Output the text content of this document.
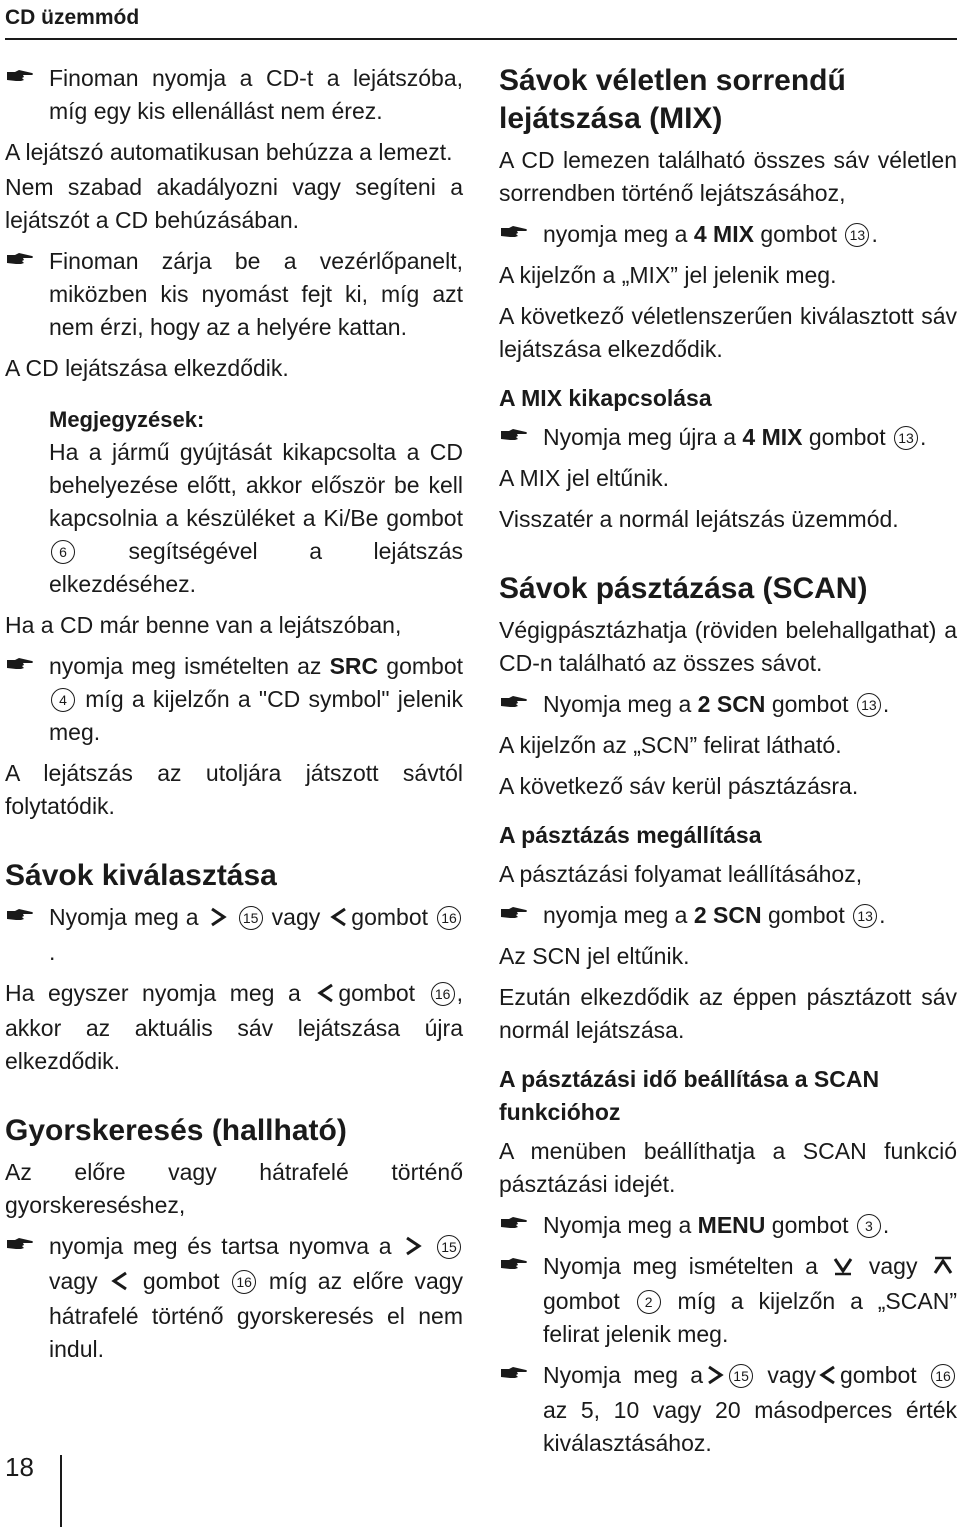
CD üzemmód
Finoman nyomja a CD-t a lejátszóba, míg egy kis ellenállást nem érez.

A lejátszó automatikusan behúzza a lemezt.

Nem szabad akadályozni vagy segíteni a lejátszót a CD behúzásában.

Finoman zárja be a vezérlőpanelt, miközben kis nyomást fejt ki, míg azt nem érzi, hogy az a helyére kattan.

A CD lejátszása elkezdődik.

Megjegyzések:
Ha a jármű gyújtását kikapcsolta a CD behelyezése előtt, akkor először be kell kapcsolnia a készüléket a Ki/Be gombot 6	segítségével a lejátszás elkezdéséhez.

Ha a CD már benne van a lejátszóban,

nyomja meg ismételten az SRC gombot 4 míg a kijelzőn a "CD symbol" jelenik meg.

A lejátszás az utoljára játszott sávtól folytatódik.

Sávok kiválasztása
Nyomja meg a	15 vagy gombot 16.

Ha egyszer nyomja meg a gombot 16 , akkor az aktuális sáv lejátszása újra elkezdődik.

Gyorskeresés (hallható)

Az előre vagy hátrafelé történő gyorskereséshez,

nyomja meg és tartsa nyomva a	15 vagy gombot 16 míg az előre vagy hátrafelé történő gyorskeresés el nem indul.
Sávok véletlen sorrendű lejátszása (MIX)

A CD lemezen található összes sáv véletlen sorrendben történő lejátszásához,

nyomja meg a 4 MIX gombot 13 .

A kijelzőn a „MIX” jel jelenik meg.

A következő véletlenszerűen kiválasztott sáv lejátszása elkezdődik.

A MIX kikapcsolása
Nyomja meg újra a 4 MIX gombot 13 .

A MIX jel eltűnik.

Visszatér a normál lejátszás üzemmód.

Sávok pásztázása (SCAN)

Végigpásztázhatja (röviden belehallgathat) a CD-n található az összes sávot.

Nyomja meg a 2 SCN gombot 13 .

A kijelzőn az „SCN” felirat látható.

A következő sáv kerül pásztázásra.

A pásztázás megállítása

A pásztázási folyamat leállításához,

nyomja meg a 2 SCN gombot 13 .

Az SCN jel eltűnik.

Ezután elkezdődik az éppen pásztázott sáv normál lejátszása.

A pásztázási idő beállítása a SCAN funkcióhoz

A menüben beállíthatja a SCAN funkció pásztázási idejét.

Nyomja meg a MENU gombot 3 .
Nyomja meg ismételten a vagy  gombot 2 míg a kijelzőn a „SCAN” felirat jelenik meg.
Nyomja meg a 15 vagy gombot 16 az 5, 10 vagy 20 másodperces érték kiválasztásához.
18
